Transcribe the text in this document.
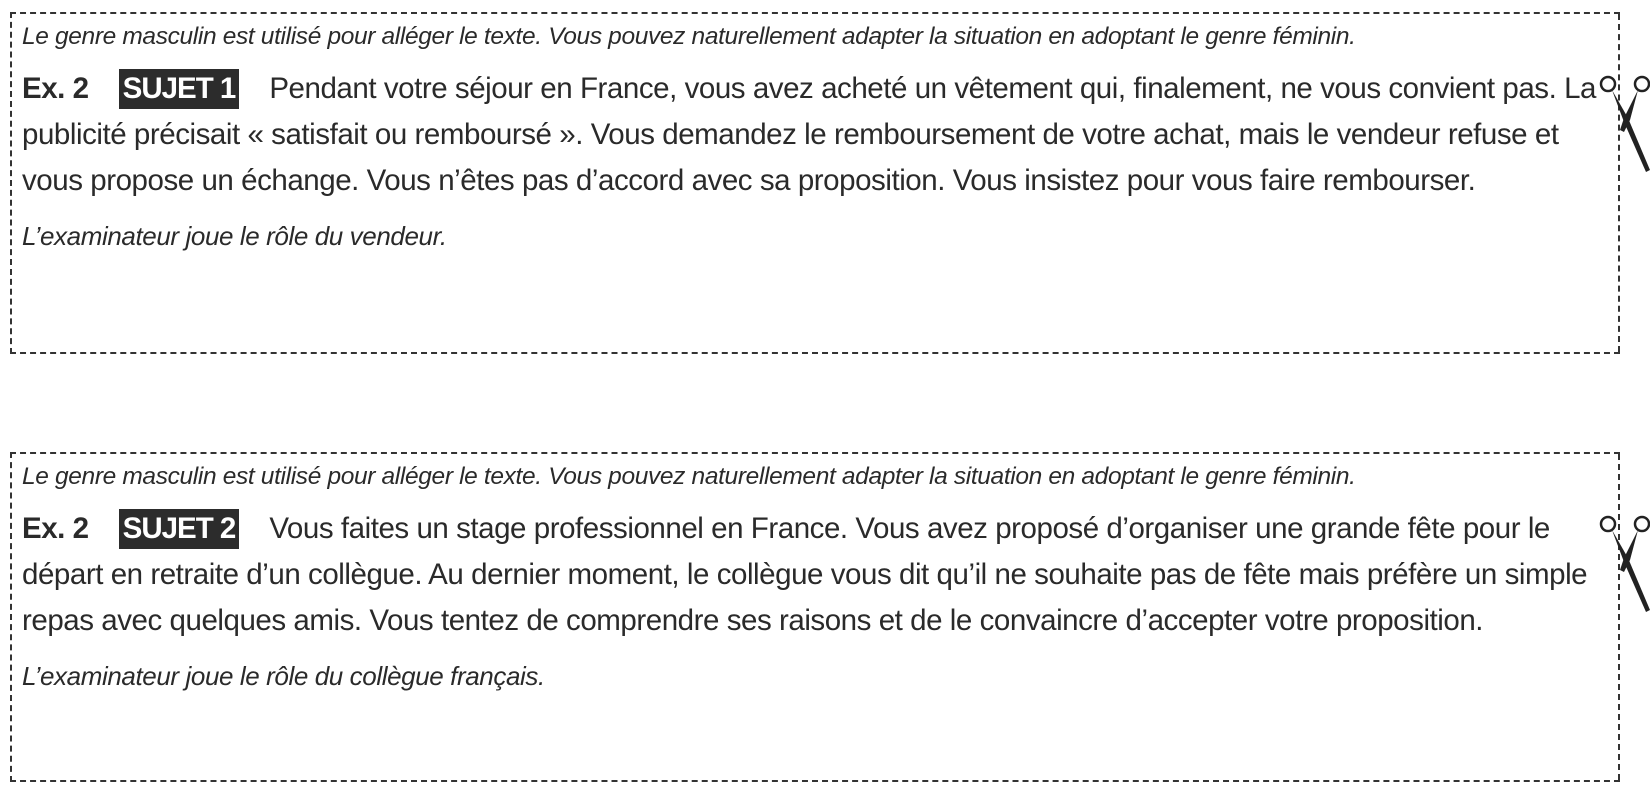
Le genre masculin est utilisé pour alléger le texte. Vous pouvez naturellement adapter la situation en adoptant le genre féminin.

Ex. 2 SUJET 1 Pendant votre séjour en France, vous avez acheté un vêtement qui, finalement, ne vous convient pas. La publicité précisait « satisfait ou remboursé ». Vous demandez le remboursement de votre achat, mais le vendeur refuse et vous propose un échange. Vous n’êtes pas d’accord avec sa proposition. Vous insistez pour vous faire rembourser.

L’examinateur joue le rôle du vendeur.

Le genre masculin est utilisé pour alléger le texte. Vous pouvez naturellement adapter la situation en adoptant le genre féminin.

Ex. 2 SUJET 2 Vous faites un stage professionnel en France. Vous avez proposé d’organiser une grande fête pour le départ en retraite d’un collègue. Au dernier moment, le collègue vous dit qu’il ne souhaite pas de fête mais préfère un simple repas avec quelques amis. Vous tentez de comprendre ses raisons et de le convaincre d’accepter votre proposition.

L’examinateur joue le rôle du collègue français.
